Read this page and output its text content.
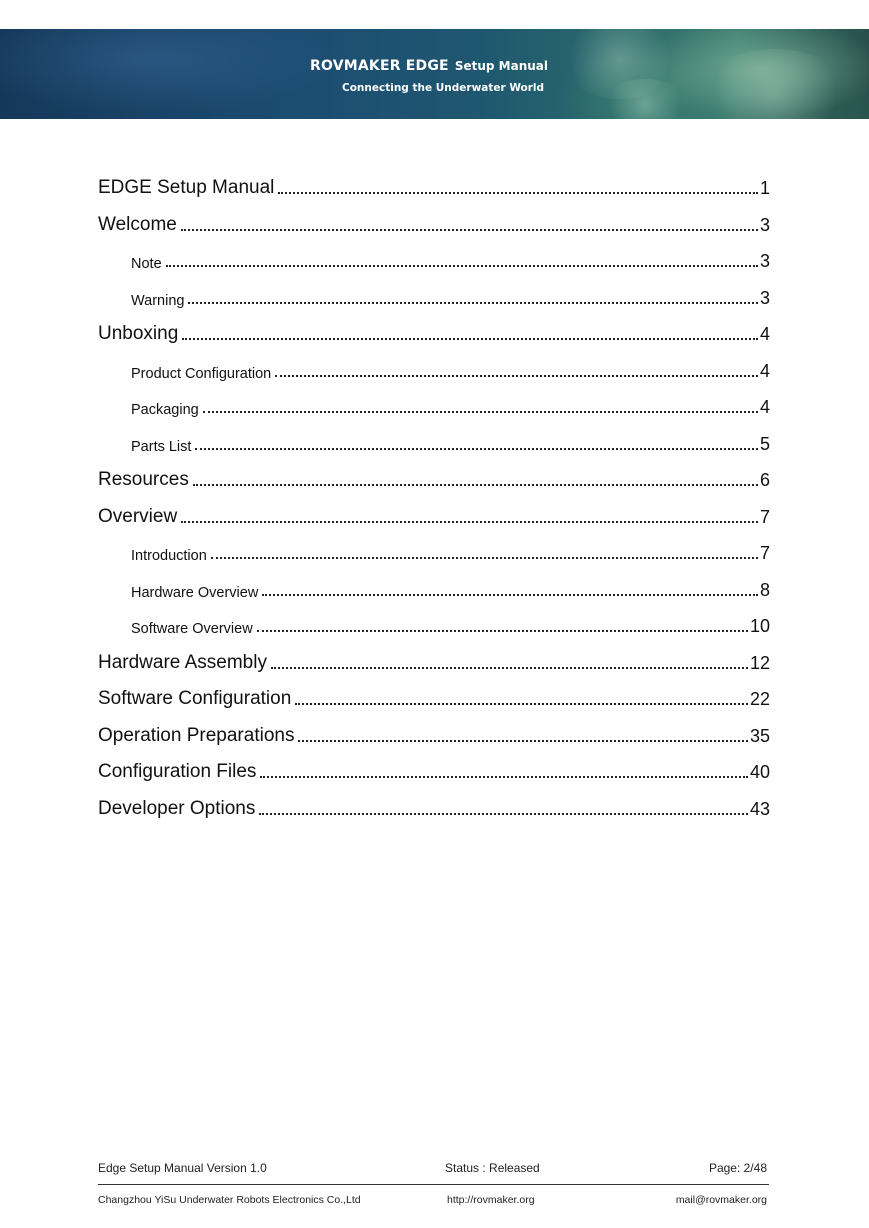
ROVMAKER EDGE Setup Manual
Connecting the Underwater World
EDGE Setup Manual	1
Welcome	3
Note	3
Warning	3
Unboxing	4
Product Configuration	4
Packaging	4
Parts List	5
Resources	6
Overview	7
Introduction	7
Hardware Overview	8
Software Overview	10
Hardware Assembly	12
Software Configuration	22
Operation Preparations	35
Configuration Files	40
Developer Options	43
Edge Setup Manual Version 1.0	Status : Released	Page: 2/48
Changzhou YiSu Underwater Robots Electronics Co.,Ltd	http://rovmaker.org	mail@rovmaker.org
